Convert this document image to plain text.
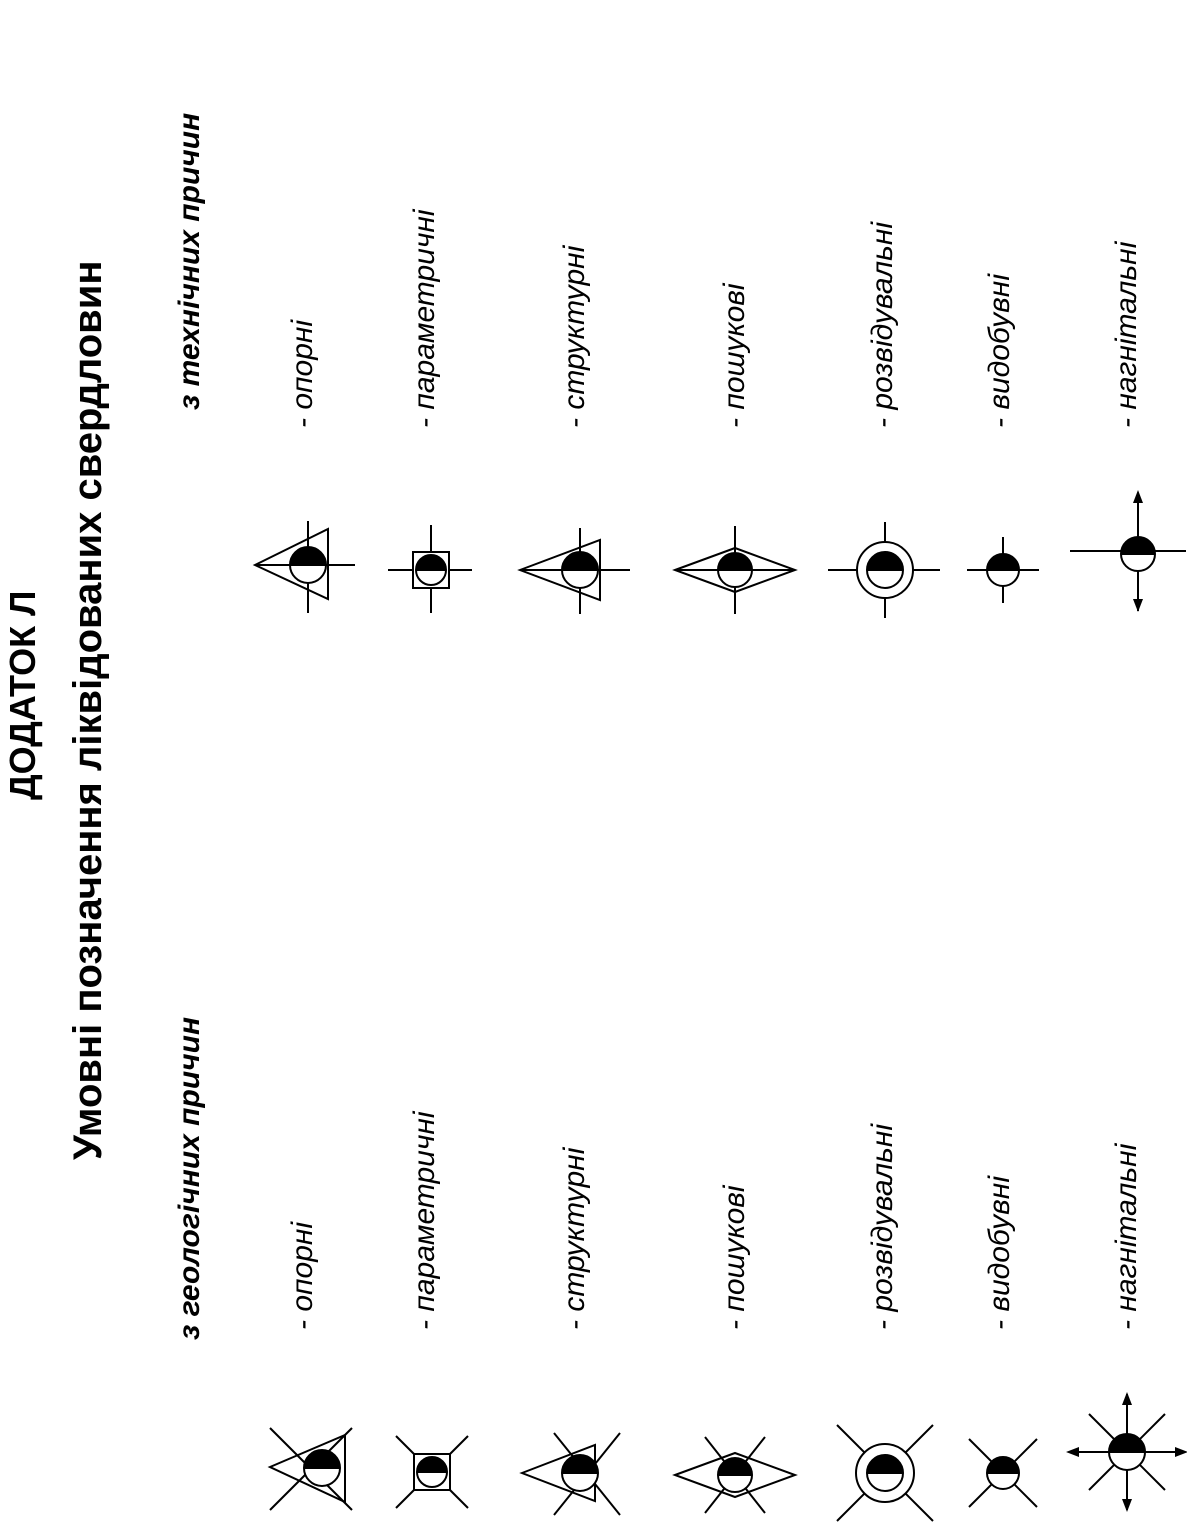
ДОДАТОК Л Умовні позначення ліквідованих свердловин
з геологічних причин
з технічних причин
- опорні	- параметричні	- структурні	- пошукові	- розвідувальні	- видобувні	- нагнітальні
- опорні	- параметричні	- структурні	- пошукові	- розвідувальні	- видобувні	- нагнітальні
